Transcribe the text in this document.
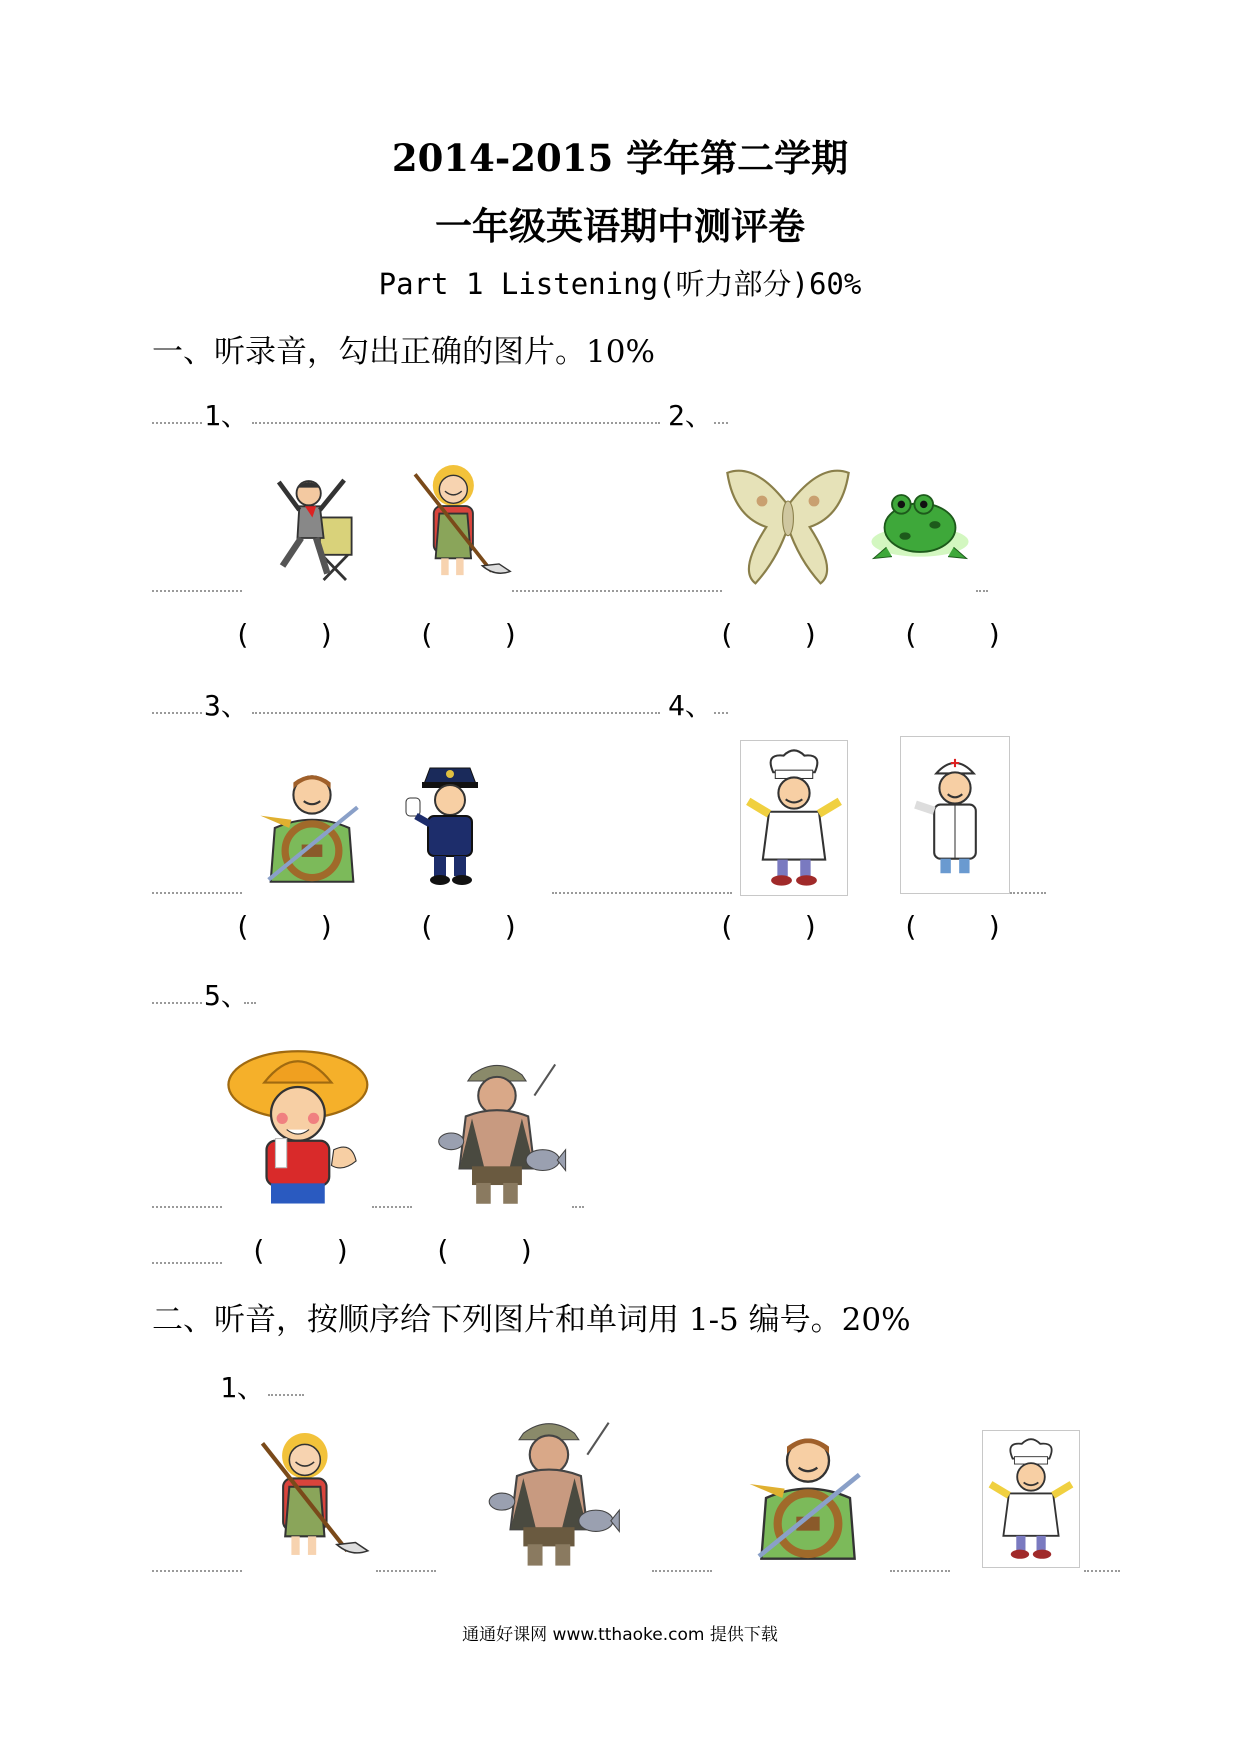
2014-2015 学年第二学期
一年级英语期中测评卷
Part 1 Listening(听力部分)60%
一、听录音，勾出正确的图片。10%
1、	2、
(    )	(    )	(    )	(    )
3、	4、
(    )	(    )	(    )	(    )
5、
(    )	(    )
二、听音，按顺序给下列图片和单词用 1-5 编号。20%
1、
通通好课网 www.tthaoke.com 提供下载
